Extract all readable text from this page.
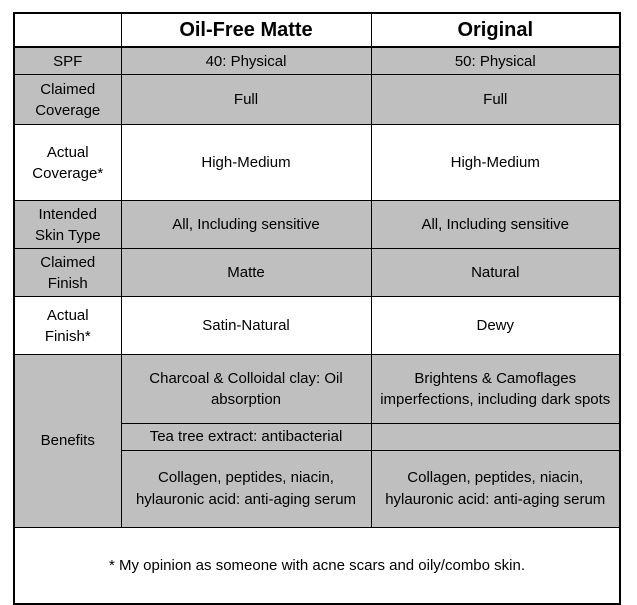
	Oil-Free Matte	Original
SPF	40: Physical	50: Physical
Claimed Coverage	Full	Full
Actual Coverage*	High-Medium	High-Medium
Intended Skin Type	All, Including sensitive	All, Including sensitive
Claimed Finish	Matte	Natural
Actual Finish*	Satin-Natural	Dewy
Benefits	Charcoal & Colloidal clay: Oil absorption	Brightens & Camoflages imperfections, including dark spots
	Tea tree extract: antibacterial	
	Collagen, peptides, niacin, hylauronic acid: anti-aging serum	Collagen, peptides, niacin, hylauronic acid: anti-aging serum
* My opinion as someone with acne scars and oily/combo skin.		
